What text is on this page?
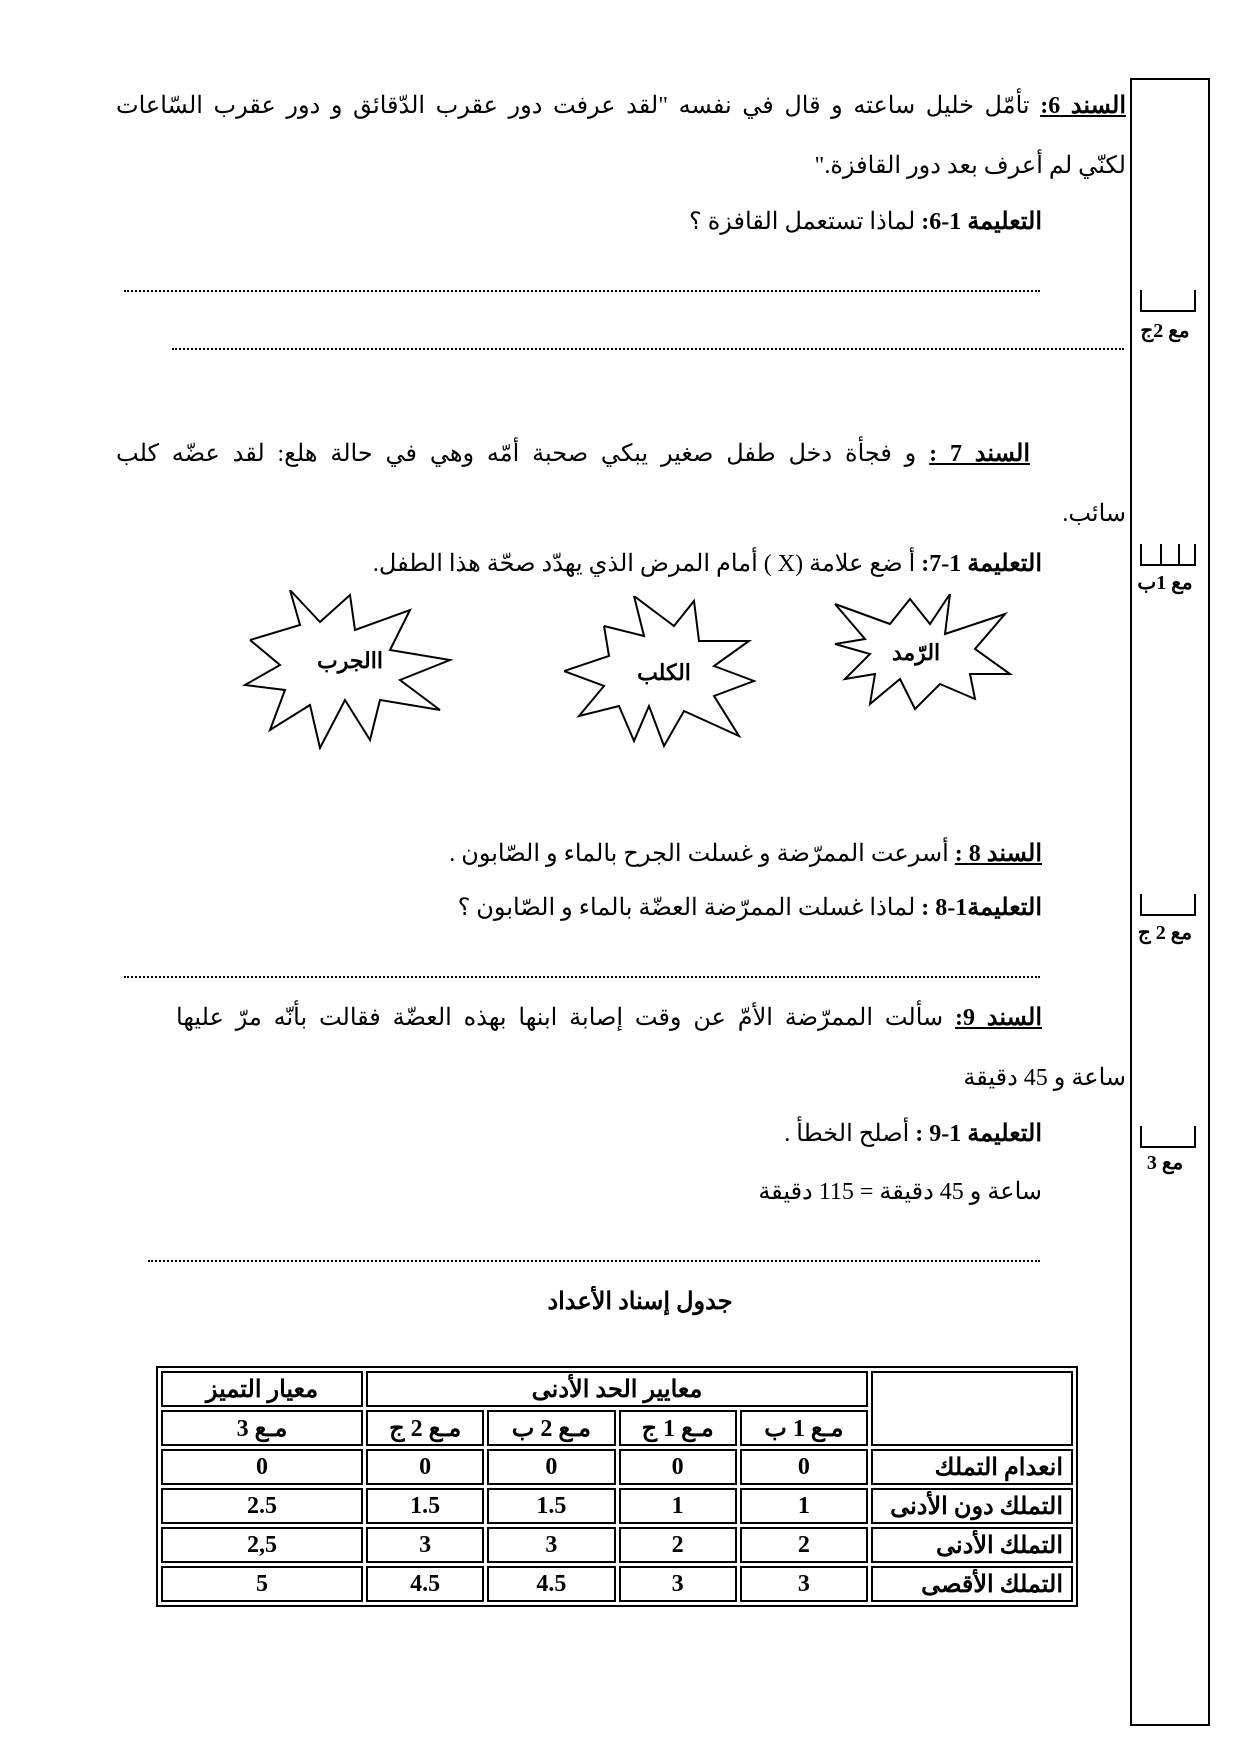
مع 2ج
مع 1ب
مع 2 ج
مع 3
السند 6: تأمّل خليل ساعته و قال في نفسه "لقد عرفت دور عقرب الدّقائق و دور عقرب السّاعات
لكنّي لم أعرف بعد دور القافزة."
التعليمة 1-6: لماذا تستعمل القافزة ؟
السند 7 : و فجأة دخل طفل صغير يبكي صحبة أمّه وهي في حالة هلع: لقد عضّه كلب
سائب.
التعليمة 1-7: أ ضع علامة (X ) أمام المرض الذي يهدّد صحّة هذا الطفل.
االجرب	الكلب
الرّمد
السند 8 : أسرعت الممرّضة و غسلت الجرح بالماء و الصّابون .
التعليمة1-8 : لماذا غسلت الممرّضة العضّة بالماء و الصّابون ؟
السند 9: سألت الممرّضة الأمّ عن وقت إصابة ابنها بهذه العضّة فقالت بأنّه مرّ عليها
ساعة و 45 دقيقة
التعليمة 1-9 : أصلح الخطأ .
ساعة و 45 دقيقة = 115 دقيقة
جدول إسناد الأعداد
	معايير الحد الأدنى				معيار التميز
	مـع 1 ب	مـع 1 ج	مـع 2 ب	مـع 2 ج	مـع 3
انعدام التملك	0	0	0	0	0
التملك دون الأدنى	1	1	1.5	1.5	2.5
التملك الأدنى	2	2	3	3	2,5
التملك الأقصى	3	3	4.5	4.5	5
